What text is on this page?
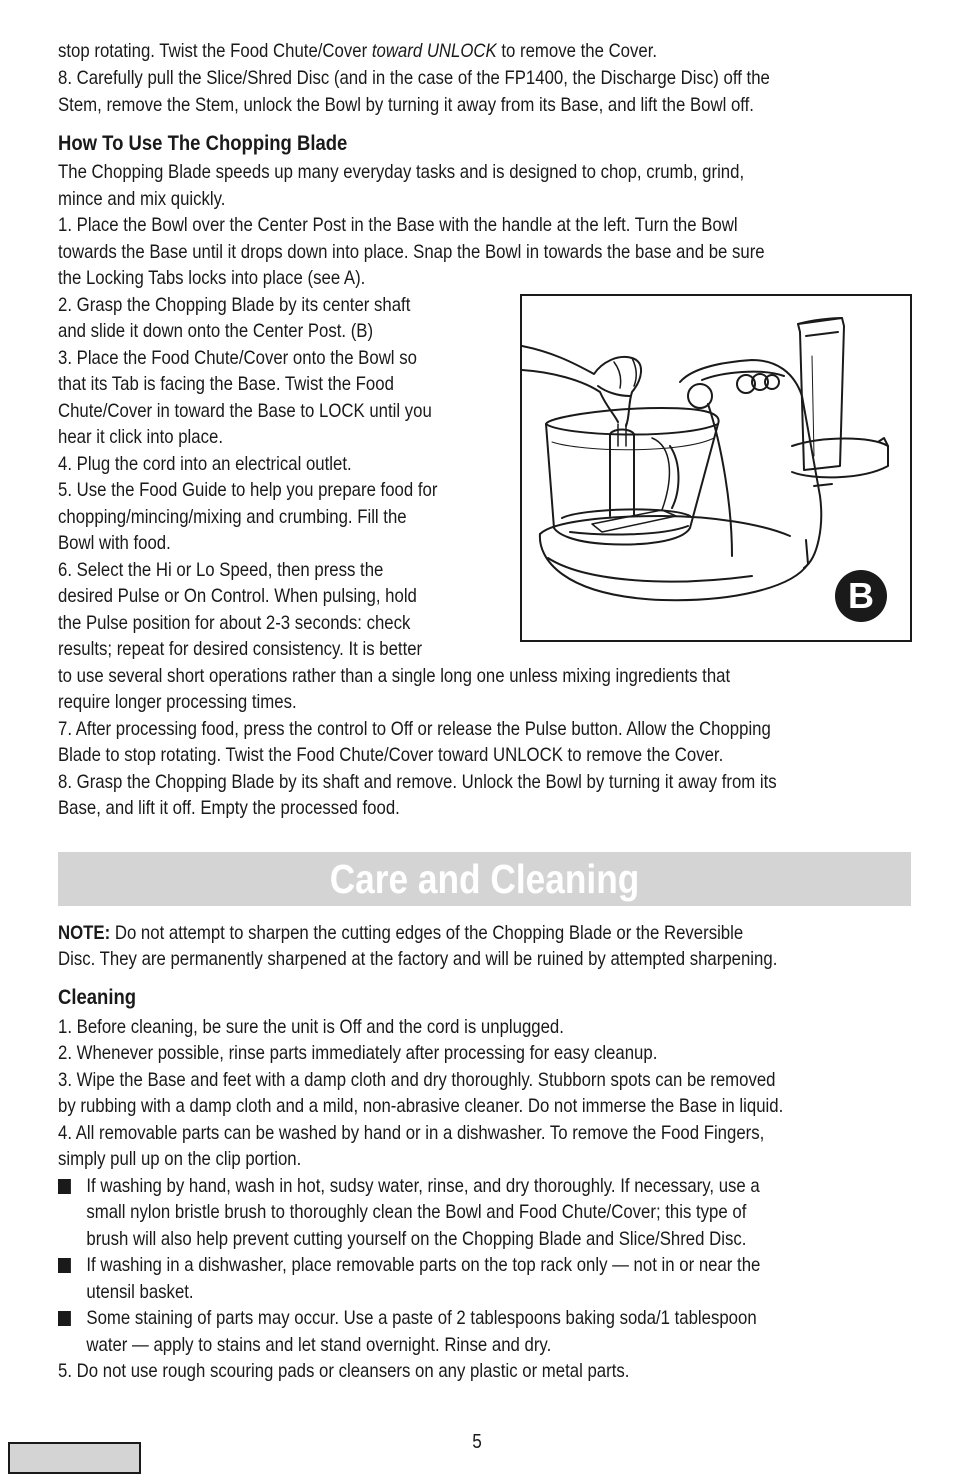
stop rotating. Twist the Food Chute/Cover toward UNLOCK to remove the Cover.
8. Carefully pull the Slice/Shred Disc (and in the case of the FP1400, the Discharge Disc) off the
Stem, remove the Stem, unlock the Bowl by turning it away from its Base, and lift the Bowl off.
How To Use The Chopping Blade
The Chopping Blade speeds up many everyday tasks and is designed to chop, crumb, grind,
mince and mix quickly.
1. Place the Bowl over the Center Post in the Base with the handle at the left. Turn the Bowl
towards the Base until it drops down into place. Snap the Bowl in towards the base and be sure
the Locking Tabs locks into place (see A).
2. Grasp the Chopping Blade by its center shaft
and slide it down onto the Center Post. (B)
3. Place the Food Chute/Cover onto the Bowl so
that its Tab is facing the Base. Twist the Food
Chute/Cover in toward the Base to LOCK until you
hear it click into place.
4. Plug the cord into an electrical outlet.
5. Use the Food Guide to help you prepare food for
chopping/mincing/mixing and crumbing. Fill the
Bowl with food.
6. Select the Hi or Lo Speed, then press the
desired Pulse or On Control. When pulsing, hold
the Pulse position for about 2-3 seconds: check
results; repeat for desired consistency. It is better
to use several short operations rather than a single long one unless mixing ingredients that
require longer processing times.
7. After processing food, press the control to Off or release the Pulse button. Allow the Chopping
Blade to stop rotating. Twist the Food Chute/Cover toward UNLOCK to remove the Cover.
8. Grasp the Chopping Blade by its shaft and remove. Unlock the Bowl by turning it away from its
Base, and lift it off. Empty the processed food.
B
Care and Cleaning
NOTE: Do not attempt to sharpen the cutting edges of the Chopping Blade or the Reversible
Disc. They are permanently sharpened at the factory and will be ruined by attempted sharpening.
Cleaning
1. Before cleaning, be sure the unit is Off and the cord is unplugged.
2. Whenever possible, rinse parts immediately after processing for easy cleanup.
3. Wipe the Base and feet with a damp cloth and dry thoroughly. Stubborn spots can be removed
by rubbing with a damp cloth and a mild, non-abrasive cleaner. Do not immerse the Base in liquid.
4. All removable parts can be washed by hand or in a dishwasher. To remove the Food Fingers,
simply pull up on the clip portion.
If washing by hand, wash in hot, sudsy water, rinse, and dry thoroughly. If necessary, use a
small nylon bristle brush to thoroughly clean the Bowl and Food Chute/Cover; this type of
brush will also help prevent cutting yourself on the Chopping Blade and Slice/Shred Disc.
If washing in a dishwasher, place removable parts on the top rack only — not in or near the
utensil basket.
Some staining of parts may occur. Use a paste of 2 tablespoons baking soda/1 tablespoon
water — apply to stains and let stand overnight. Rinse and dry.
5. Do not use rough scouring pads or cleansers on any plastic or metal parts.
5
